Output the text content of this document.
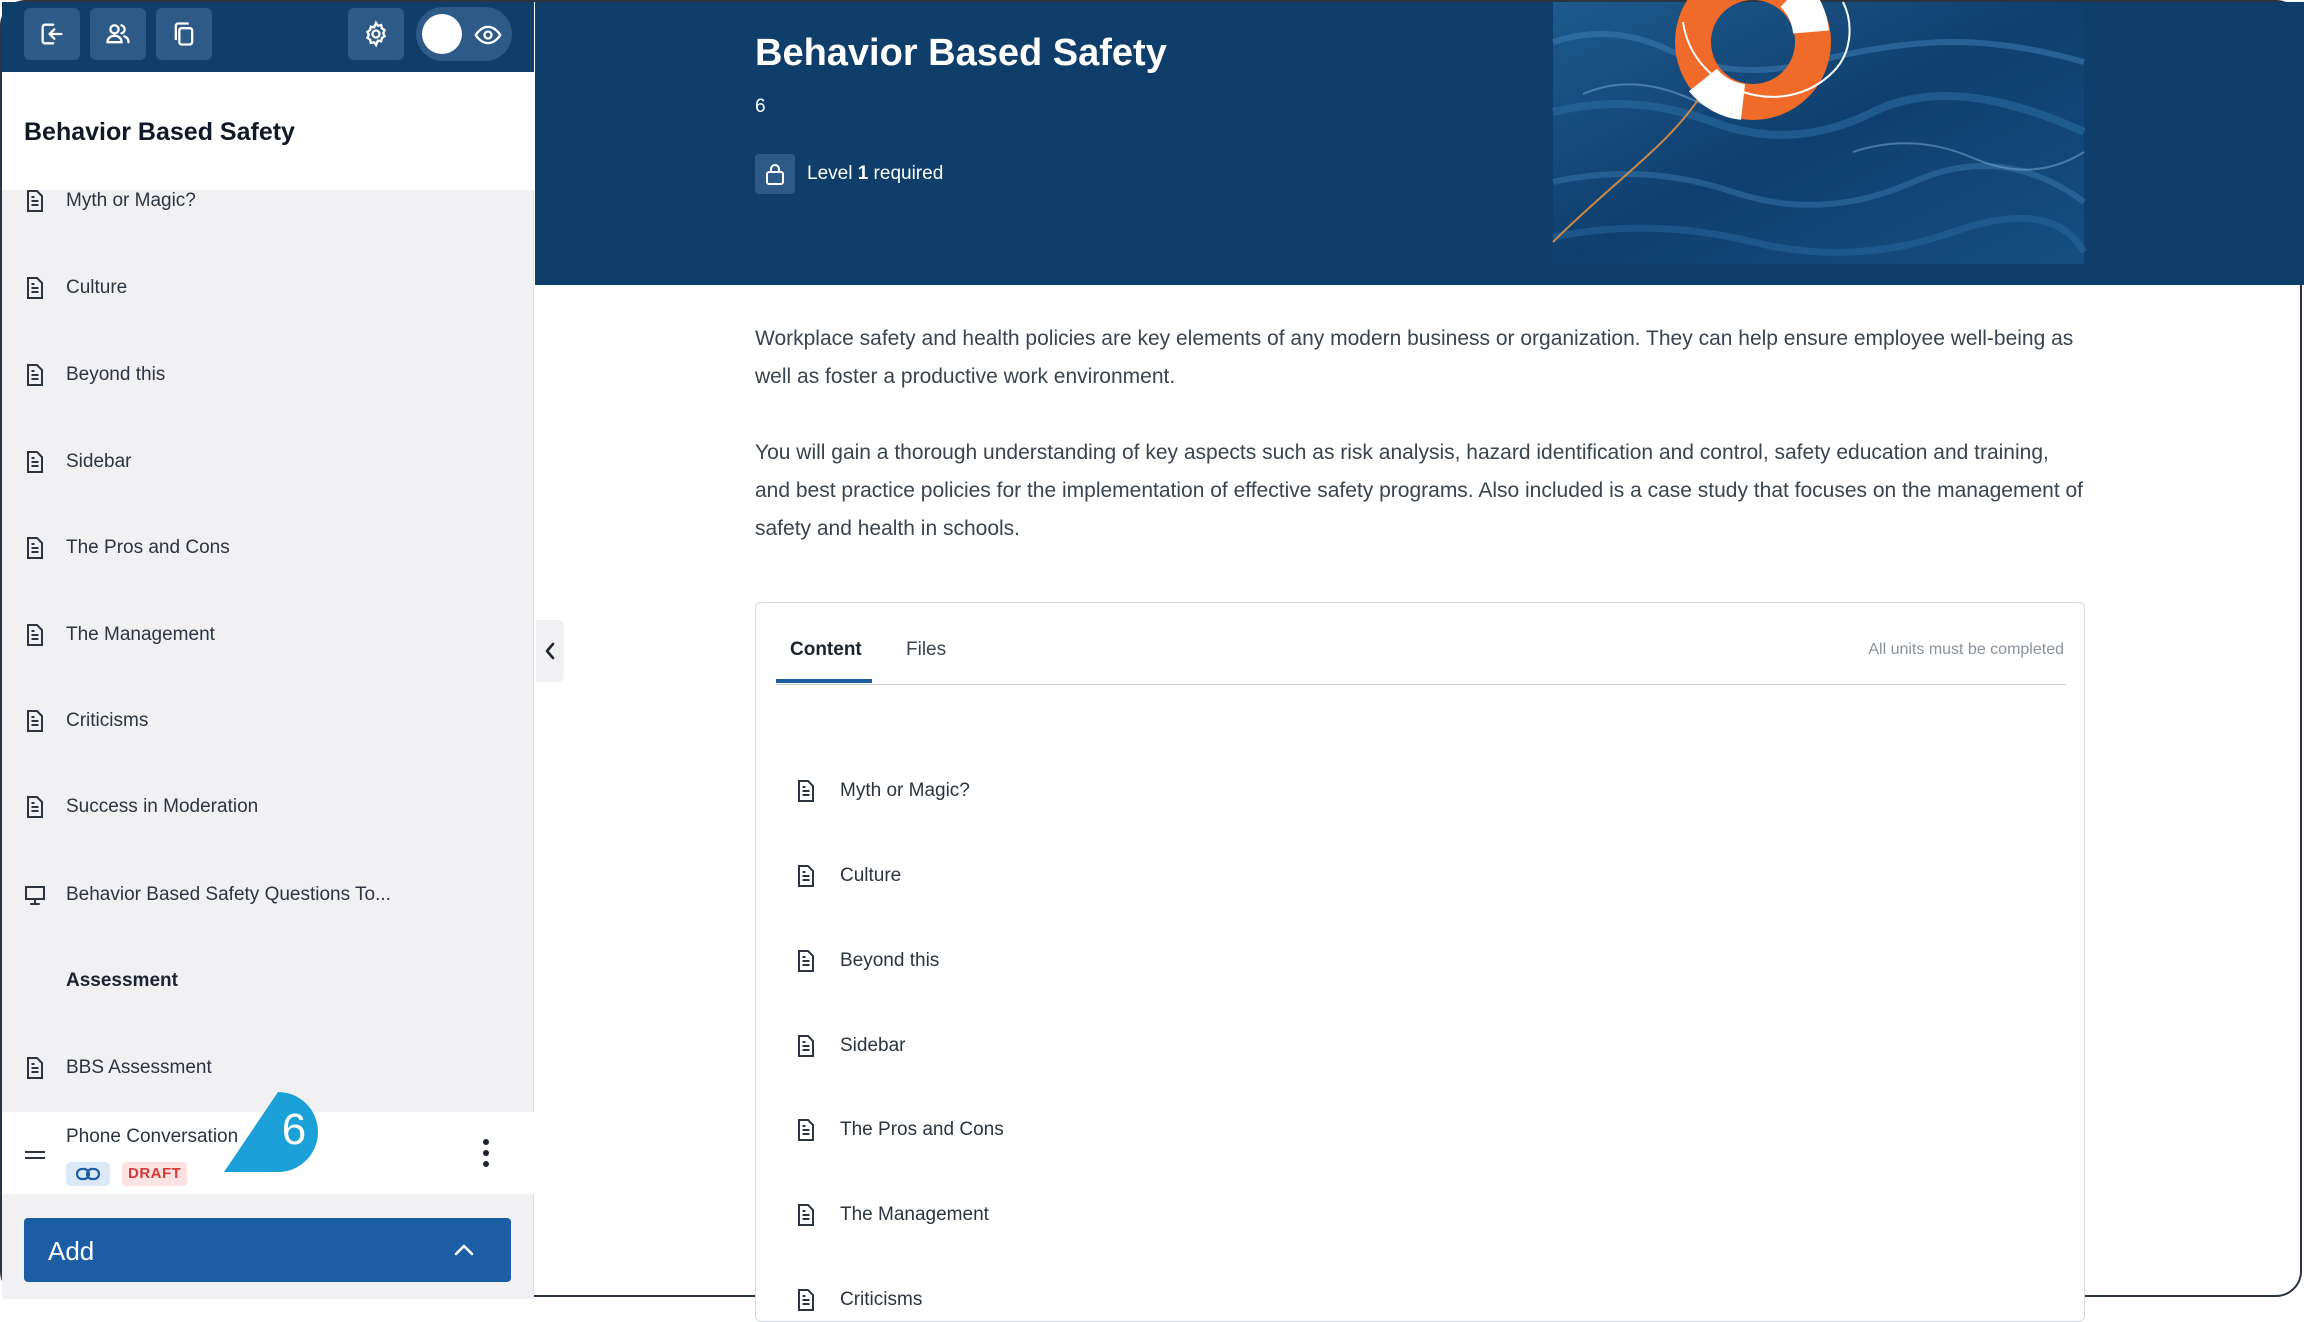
Behavior Based Safety
Myth or Magic?
Culture
Beyond this
Sidebar
The Pros and Cons
The Management
Criticisms
Success in Moderation
Behavior Based Safety Questions To...
Assessment
BBS Assessment
Phone Conversation
DRAFT
6
Add
Behavior Based Safety
6
Level 1 required

Workplace safety and health policies are key elements of any modern business or organization. They can help ensure employee well-being as well as foster a productive work environment.

You will gain a thorough understanding of key aspects such as risk analysis, hazard identification and control, safety education and training, and best practice policies for the implementation of effective safety programs. Also included is a case study that focuses on the management of safety and health in schools.

Content Files	All units must be completed
Myth or Magic?
Culture
Beyond this
Sidebar
The Pros and Cons
The Management
Criticisms
